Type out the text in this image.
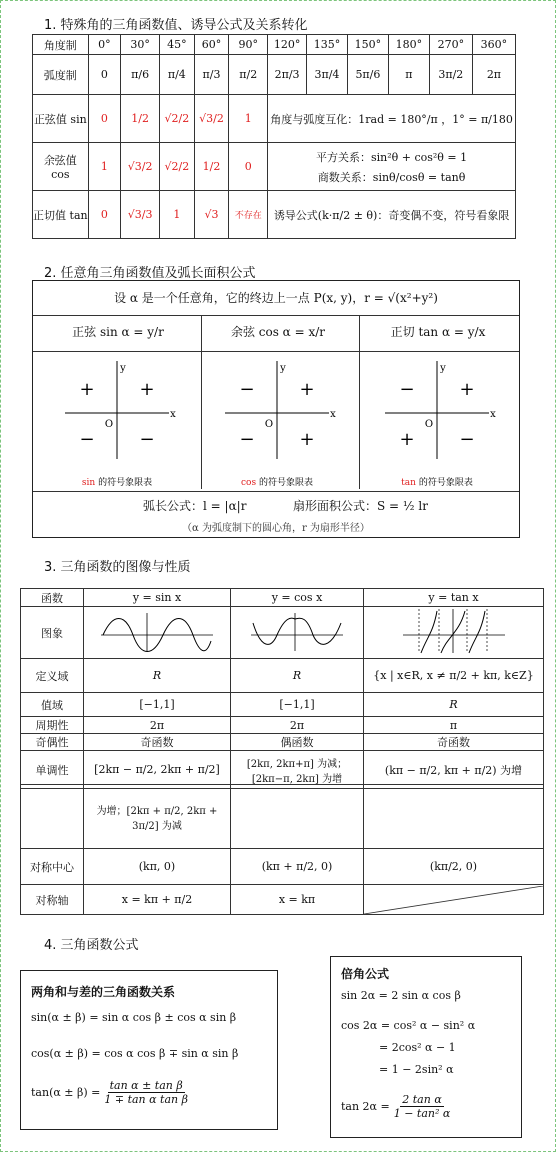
1. 特殊角的三角函数值、诱导公式及关系转化
角度制	0°	30°	45°	60°	90°	120°	135°	150°	180°	270°	360°
弧度制	0	π/6	π/4	π/3	π/2	2π/3	3π/4	5π/6	π	3π/2	2π
正弦值 sin	0	1/2	√2/2	√3/2	1	角度与弧度互化：1rad = 180°/π ，1° = π/180					
余弦值 cos	1	√3/2	√2/2	1/2	0	平方关系：sin²θ + cos²θ = 1
商数关系：sinθ/cosθ = tanθ					

正切值 tan	0	√3/3	1	√3	不存在	诱导公式(k·π/2 ± θ)：奇变偶不变，符号看象限					
2. 任意角三角函数值及弧长面积公式
设 α 是一个任意角，它的终边上一点 P(x, y)，r = √(x²+y²)
正弦 sin α = y/r	余弦 cos α = x/r	正切 tan α = y/x
y
x
O
+ +
− −
sin 的符号象限表
y
x
O
− +
− +
cos 的符号象限表
y
x
O
− +
+ −
tan 的符号象限表
弧长公式：l = |α|r	扇形面积公式：S = ½ lr
（α 为弧度制下的圆心角，r 为扇形半径）
3. 三角函数的图像与性质
函数	y = sin x	y = cos x	y = tan x
图象			
定义域	R	R	{x | x∈R, x ≠ π/2 + kπ, k∈Z}
值域	[−1,1]	[−1,1]	R
周期性	2π	2π	π
奇偶性	奇函数	偶函数	奇函数
单调性	[2kπ − π/2, 2kπ + π/2]	[2kπ, 2kπ+π] 为减；[2kπ−π, 2kπ] 为增	(kπ − π/2, kπ + π/2) 为增
	为增；[2kπ + π/2, 2kπ + 3π/2] 为减		
对称中心	(kπ, 0)	(kπ + π/2, 0)	(kπ/2, 0)
对称轴	x = kπ + π/2	x = kπ	
4. 三角函数公式
两角和与差的三角函数关系
sin(α ± β) = sin α cos β ± cos α sin β
cos(α ± β) = cos α cos β ∓ sin α sin β
$\tan(\alpha \pm \beta) = \frac{\text{tan α ± tan β}}{\text{1 ∓ tan α tan β}}$
倍角公式
sin 2α = 2 sin α cos β
cos 2α = cos² α − sin² α
= 2cos² α − 1
= 1 − 2sin² α
$\tan 2\alpha = \frac{\text{2 tan α}}{\text{1 − tan² α}}$
